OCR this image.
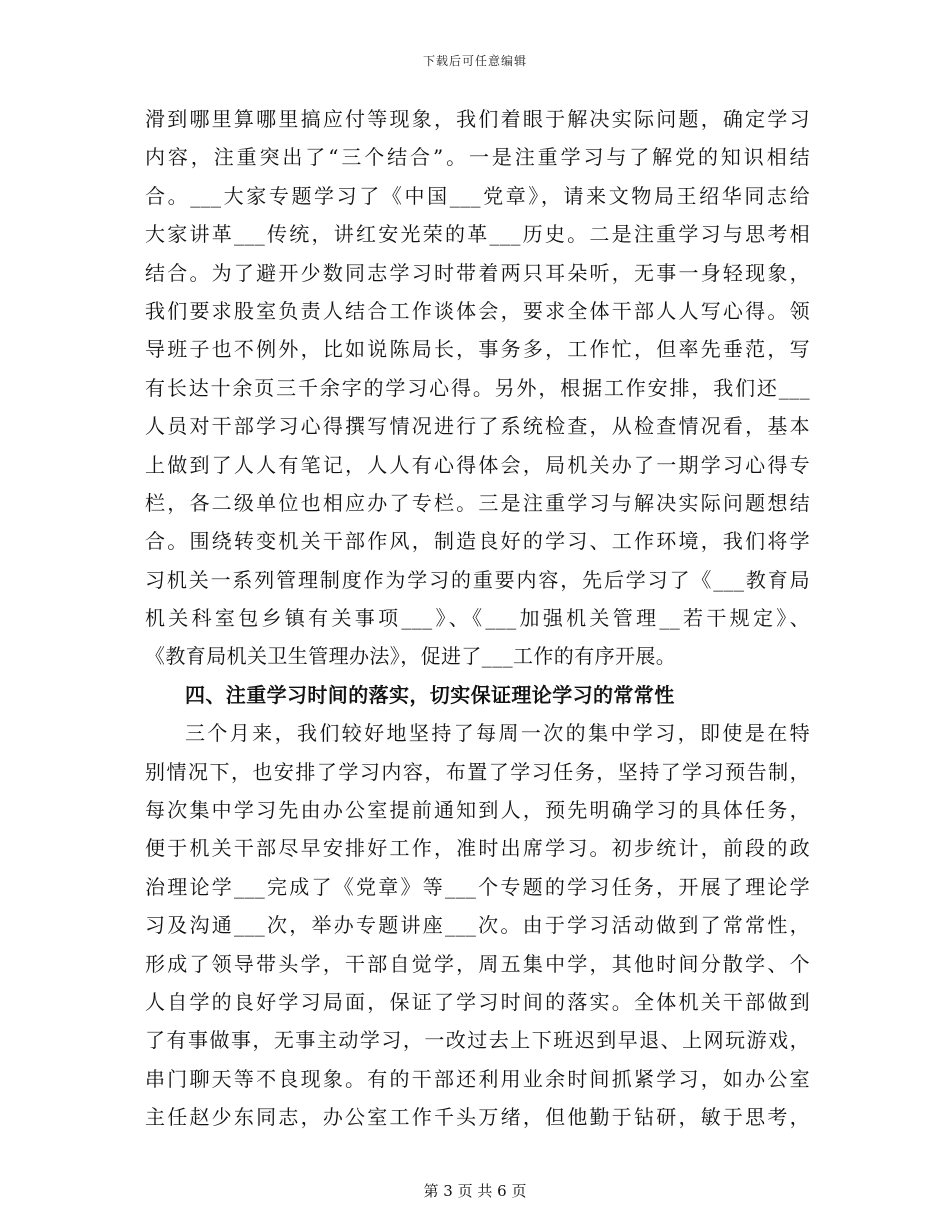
下载后可任意编辑
滑到哪里算哪里搞应付等现象，我们着眼于解决实际问题，确定学习
内容，注重突出了“三个结合”。一是注重学习与了解党的知识相结
合。___大家专题学习了《中国___党章》，请来文物局王绍华同志给
大家讲革___传统，讲红安光荣的革___历史。二是注重学习与思考相
结合。为了避开少数同志学习时带着两只耳朵听，无事一身轻现象，
我们要求股室负责人结合工作谈体会，要求全体干部人人写心得。领
导班子也不例外，比如说陈局长，事务多，工作忙，但率先垂范，写
有长达十余页三千余字的学习心得。另外，根据工作安排，我们还___
人员对干部学习心得撰写情况进行了系统检查，从检查情况看，基本
上做到了人人有笔记，人人有心得体会，局机关办了一期学习心得专
栏，各二级单位也相应办了专栏。三是注重学习与解决实际问题想结
合。围绕转变机关干部作风，制造良好的学习、工作环境，我们将学
习机关一系列管理制度作为学习的重要内容，先后学习了《___教育局
机关科室包乡镇有关事项___》、《___加强机关管理__若干规定》、
《教育局机关卫生管理办法》，促进了___工作的有序开展。
四、注重学习时间的落实，切实保证理论学习的常常性
三个月来，我们较好地坚持了每周一次的集中学习，即使是在特
别情况下，也安排了学习内容，布置了学习任务，坚持了学习预告制，
每次集中学习先由办公室提前通知到人，预先明确学习的具体任务，
便于机关干部尽早安排好工作，准时出席学习。初步统计，前段的政
治理论学___完成了《党章》等___个专题的学习任务，开展了理论学
习及沟通___次，举办专题讲座___次。由于学习活动做到了常常性，
形成了领导带头学，干部自觉学，周五集中学，其他时间分散学、个
人自学的良好学习局面，保证了学习时间的落实。全体机关干部做到
了有事做事，无事主动学习，一改过去上下班迟到早退、上网玩游戏，
串门聊天等不良现象。有的干部还利用业余时间抓紧学习，如办公室
主任赵少东同志，办公室工作千头万绪，但他勤于钻研，敏于思考，
第 3 页 共 6 页
